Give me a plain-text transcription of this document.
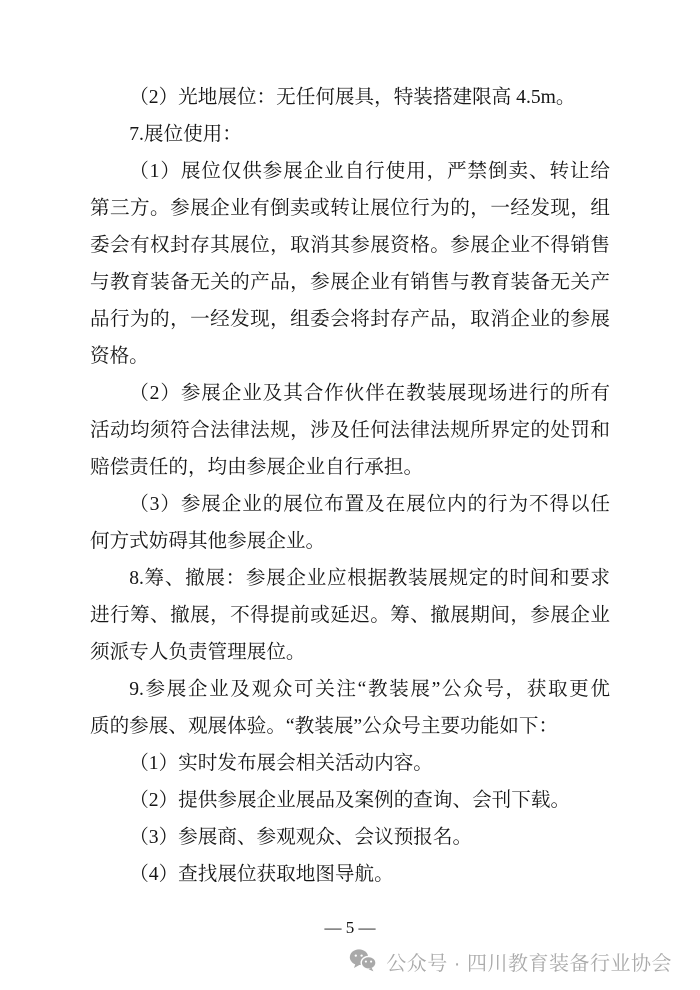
（2）光地展位：无任何展具，特装搭建限高 4.5m。
7.展位使用：
（1）展位仅供参展企业自行使用，严禁倒卖、转让给
第三方。参展企业有倒卖或转让展位行为的，一经发现，组
委会有权封存其展位，取消其参展资格。参展企业不得销售
与教育装备无关的产品，参展企业有销售与教育装备无关产
品行为的，一经发现，组委会将封存产品，取消企业的参展
资格。
（2）参展企业及其合作伙伴在教装展现场进行的所有
活动均须符合法律法规，涉及任何法律法规所界定的处罚和
赔偿责任的，均由参展企业自行承担。
（3）参展企业的展位布置及在展位内的行为不得以任
何方式妨碍其他参展企业。
8.筹、撤展：参展企业应根据教装展规定的时间和要求
进行筹、撤展，不得提前或延迟。筹、撤展期间，参展企业
须派专人负责管理展位。
9.参展企业及观众可关注“教装展”公众号，获取更优
质的参展、观展体验。“教装展”公众号主要功能如下：
（1）实时发布展会相关活动内容。
（2）提供参展企业展品及案例的查询、会刊下载。
（3）参展商、参观观众、会议预报名。
（4）查找展位获取地图导航。
— 5 —
公众号 · 四川教育装备行业协会
